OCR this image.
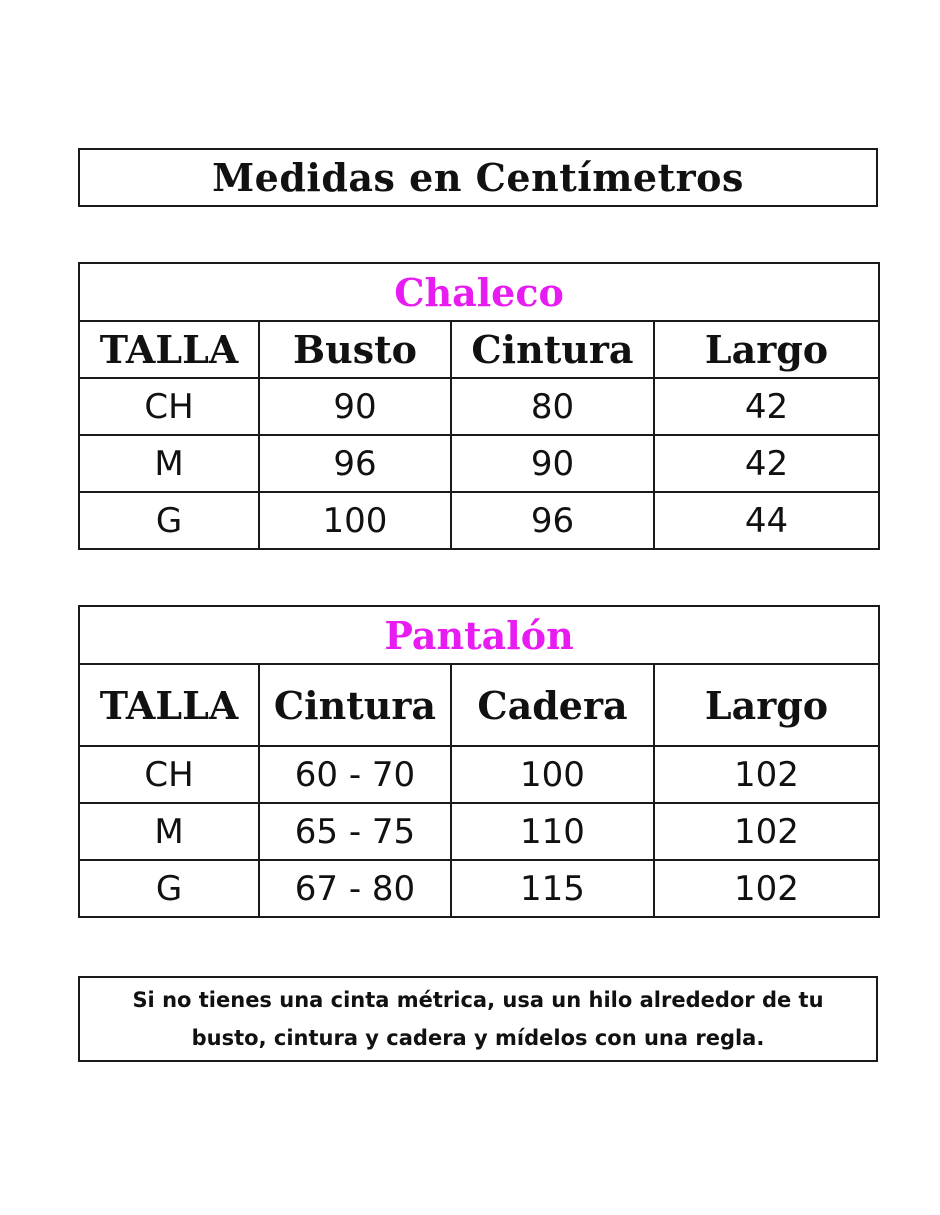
Medidas en Centímetros
Chaleco			
TALLA	Busto	Cintura	Largo
CH	90	80	42
M	96	90	42
G	100	96	44
Pantalón			
TALLA	Cintura	Cadera	Largo
CH	60 - 70	100	102
M	65 - 75	110	102
G	67 - 80	115	102
Si no tienes una cinta métrica, usa un hilo alrededor de tu
busto, cintura y cadera y mídelos con una regla.
